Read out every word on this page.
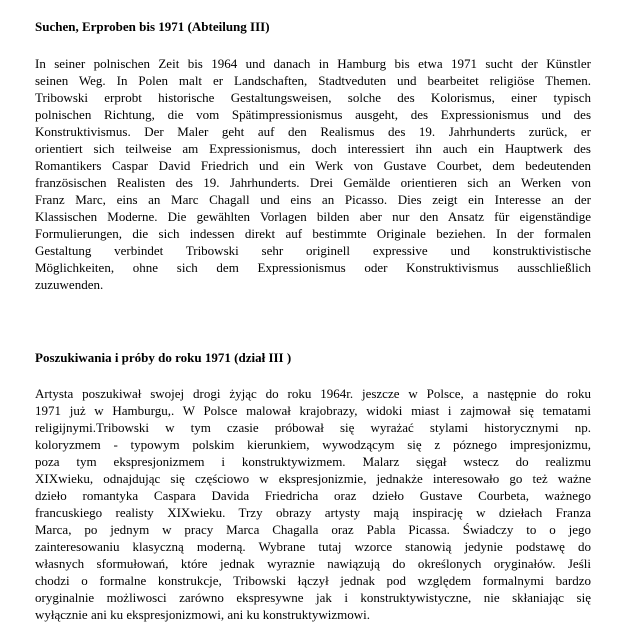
Suchen, Erproben bis 1971 (Abteilung III)
In seiner polnischen Zeit bis 1964 und danach in Hamburg bis etwa 1971 sucht der Künstler
seinen Weg. In Polen malt er Landschaften, Stadtveduten und bearbeitet religiöse Themen.
Tribowski erprobt historische Gestaltungsweisen, solche des Kolorismus, einer typisch
polnischen Richtung, die vom Spätimpressionismus ausgeht, des Expressionismus und des
Konstruktivismus. Der Maler geht auf den Realismus des 19. Jahrhunderts zurück, er
orientiert sich teilweise am Expressionismus, doch interessiert ihn auch ein Hauptwerk des
Romantikers Caspar David Friedrich und ein Werk von Gustave Courbet, dem bedeutenden
französischen Realisten des 19. Jahrhunderts. Drei Gemälde orientieren sich an Werken von
Franz Marc, eins an Marc Chagall und eins an Picasso. Dies zeigt ein Interesse an der
Klassischen Moderne. Die gewählten Vorlagen bilden aber nur den Ansatz für eigenständige
Formulierungen, die sich indessen direkt auf bestimmte Originale beziehen. In der formalen
Gestaltung verbindet Tribowski sehr originell expressive und konstruktivistische
Möglichkeiten, ohne sich dem Expressionismus oder Konstruktivismus ausschließlich
zuzuwenden.
Poszukiwania i próby do roku 1971 (dział III )
Artysta poszukiwał swojej drogi żyjąc do roku 1964r. jeszcze w Polsce, a następnie do roku
1971 już w Hamburgu,. W Polsce malował krajobrazy, widoki miast i zajmował się tematami
religijnymi.Tribowski w tym czasie próbował się wyrażać stylami historycznymi np.
koloryzmem - typowym polskim kierunkiem, wywodzącym się z póznego impresjonizmu,
poza tym ekspresjonizmem i konstruktywizmem. Malarz sięgał wstecz do realizmu
XIXwieku, odnajdując się częściowo w ekspresjonizmie, jednakże interesowało go też ważne
dzieło romantyka Caspara Davida Friedricha oraz dzieło Gustave Courbeta, ważnego
francuskiego realisty XIXwieku. Trzy obrazy artysty mają inspirację w dziełach Franza
Marca, po jednym w pracy Marca Chagalla oraz Pabla Picassa. Świadczy to o jego
zainteresowaniu klasyczną moderną. Wybrane tutaj wzorce stanowią jedynie podstawę do
własnych sformułowań, które jednak wyraznie nawiązują do określonych oryginałów. Jeśli
chodzi o formalne konstrukcje, Tribowski łączył jednak pod względem formalnymi bardzo
oryginalnie możliwosci zarówno ekspresywne jak i konstruktywistyczne, nie skłaniając się
wyłącznie ani ku ekspresjonizmowi, ani ku konstruktywizmowi.
